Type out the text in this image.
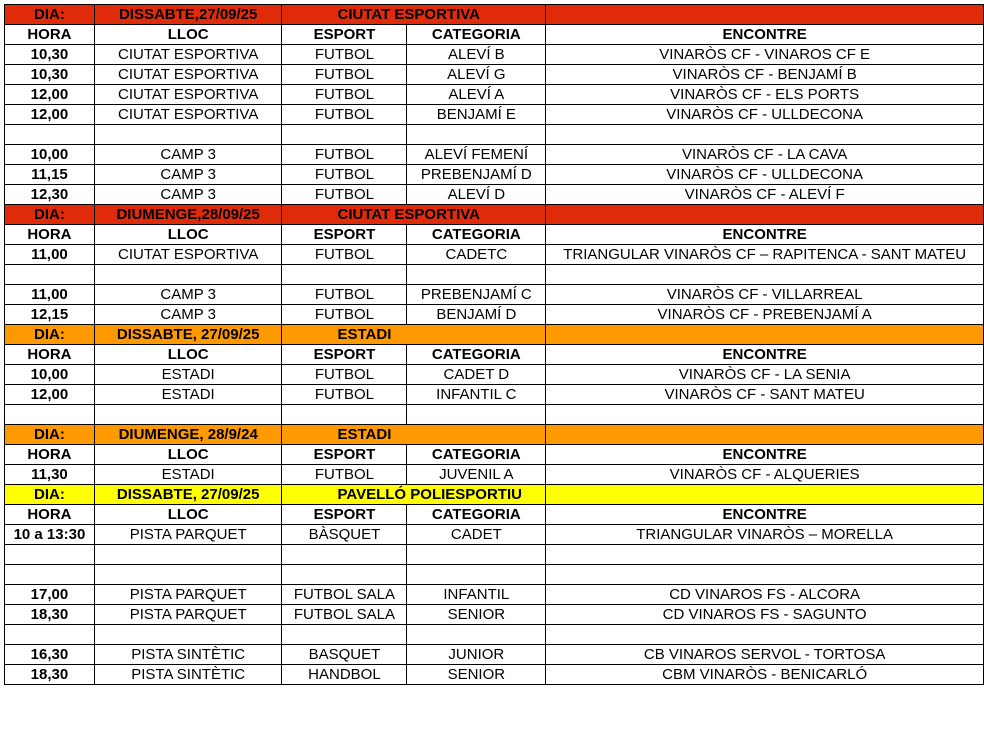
DIA:	DISSABTE,27/09/25	CIUTAT ESPORTIVA		
HORA	LLOC	ESPORT	CATEGORIA	ENCONTRE
10,30	CIUTAT ESPORTIVA	FUTBOL	ALEVÍ B	VINARÒS CF - VINAROS CF E
10,30	CIUTAT ESPORTIVA	FUTBOL	ALEVÍ G	VINARÒS CF - BENJAMÍ B
12,00	CIUTAT ESPORTIVA	FUTBOL	ALEVÍ A	VINARÒS CF - ELS PORTS
12,00	CIUTAT ESPORTIVA	FUTBOL	BENJAMÍ E	VINARÒS CF - ULLDECONA

10,00	CAMP 3	FUTBOL	ALEVÍ FEMENÍ	VINARÒS CF - LA CAVA
11,15	CAMP 3	FUTBOL	PREBENJAMÍ D	VINARÒS CF - ULLDECONA
12,30	CAMP 3	FUTBOL	ALEVÍ D	VINARÒS CF - ALEVÍ F
DIA:	DIUMENGE,28/09/25	CIUTAT ESPORTIVA		
HORA	LLOC	ESPORT	CATEGORIA	ENCONTRE
11,00	CIUTAT ESPORTIVA	FUTBOL	CADETC	TRIANGULAR VINARÒS CF – RAPITENCA - SANT MATEU

11,00	CAMP 3	FUTBOL	PREBENJAMÍ C	VINARÒS CF - VILLARREAL
12,15	CAMP 3	FUTBOL	BENJAMÍ D	VINARÒS CF - PREBENJAMÍ A
DIA:	DISSABTE, 27/09/25	ESTADI		
HORA	LLOC	ESPORT	CATEGORIA	ENCONTRE
10,00	ESTADI	FUTBOL	CADET D	VINARÒS CF - LA SENIA
12,00	ESTADI	FUTBOL	INFANTIL C	VINARÒS CF - SANT MATEU

DIA:	DIUMENGE, 28/9/24	ESTADI		
HORA	LLOC	ESPORT	CATEGORIA	ENCONTRE
11,30	ESTADI	FUTBOL	JUVENIL A	VINARÒS CF - ALQUERIES
DIA:	DISSABTE, 27/09/25	PAVELLÓ POLIESPORTIU		
HORA	LLOC	ESPORT	CATEGORIA	ENCONTRE
10 a 13:30	PISTA PARQUET	BÀSQUET	CADET	TRIANGULAR VINARÒS – MORELLA

17,00	PISTA PARQUET	FUTBOL SALA	INFANTIL	CD VINAROS FS - ALCORA
18,30	PISTA PARQUET	FUTBOL SALA	SENIOR	CD VINAROS FS - SAGUNTO

16,30	PISTA SINTÈTIC	BASQUET	JUNIOR	CB VINAROS SERVOL - TORTOSA
18,30	PISTA SINTÈTIC	HANDBOL	SENIOR	CBM VINARÒS - BENICARLÓ
